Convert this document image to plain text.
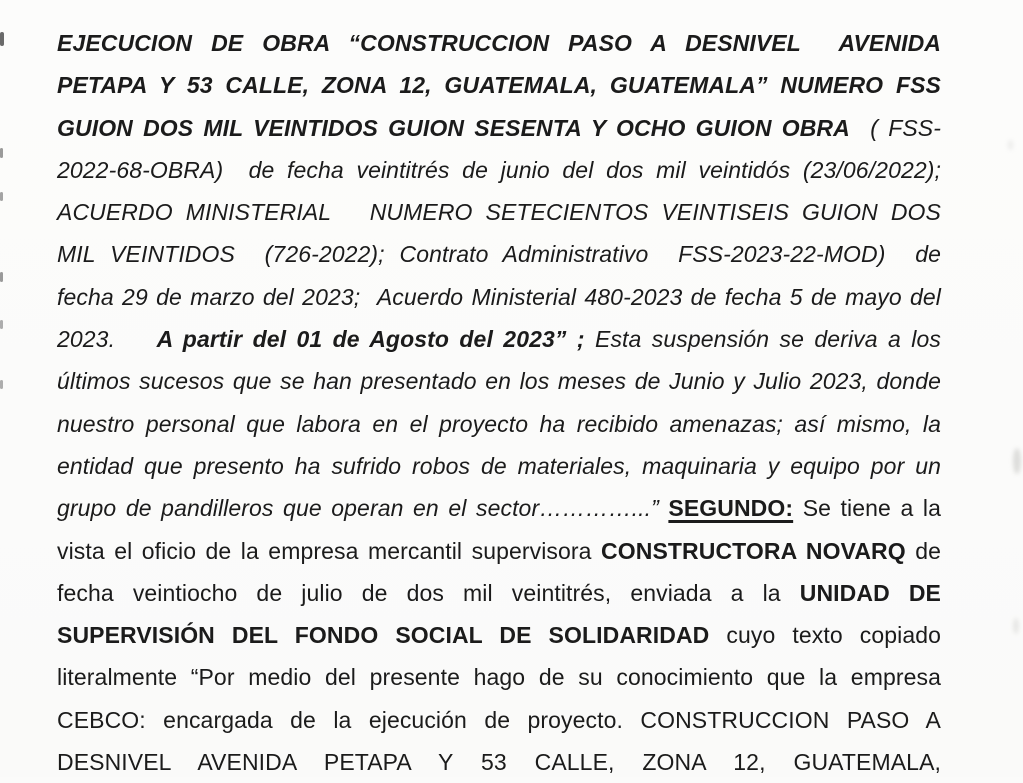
EJECUCION DE OBRA “CONSTRUCCION PASO A DESNIVEL  AVENIDA
PETAPA Y 53 CALLE, ZONA 12, GUATEMALA, GUATEMALA” NUMERO FSS
GUION DOS MIL VEINTIDOS GUION SESENTA Y OCHO GUION OBRA  ( FSS-
2022-68-OBRA)  de fecha veintitrés de junio del dos mil veintidós (23/06/2022);
ACUERDO MINISTERIAL   NUMERO SETECIENTOS VEINTISEIS GUION DOS
MIL VEINTIDOS  (726-2022); Contrato Administrativo  FSS-2023-22-MOD)  de
fecha 29 de marzo del 2023;  Acuerdo Ministerial 480-2023 de fecha 5 de mayo del
2023.    A partir del 01 de Agosto del 2023” ; Esta suspensión se deriva a los
últimos sucesos que se han presentado en los meses de Junio y Julio 2023, donde
nuestro personal que labora en el proyecto ha recibido amenazas; así mismo, la
entidad que presento ha sufrido robos de materiales, maquinaria y equipo por un
grupo de pandilleros que operan en el sector…………...” SEGUNDO: Se tiene a la
vista el oficio de la empresa mercantil supervisora CONSTRUCTORA NOVARQ de
fecha veintiocho de julio de dos mil veintitrés, enviada a la UNIDAD DE
SUPERVISIÓN DEL FONDO SOCIAL DE SOLIDARIDAD cuyo texto copiado
literalmente “Por medio del presente hago de su conocimiento que la empresa
CEBCO: encargada de la ejecución de proyecto. CONSTRUCCION PASO A
DESNIVEL AVENIDA PETAPA Y 53 CALLE, ZONA 12, GUATEMALA,
